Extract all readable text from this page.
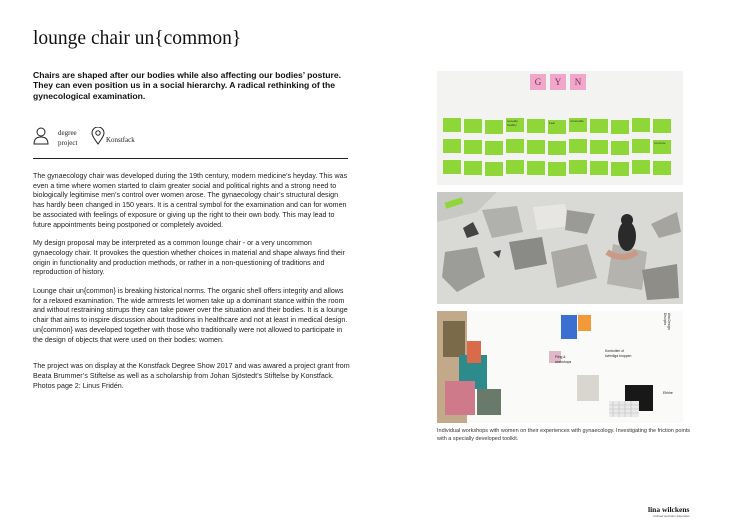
lounge chair un{common}
Chairs are shaped after our bodies while also affecting our bodies’ posture. They can even position us in a social hierarchy. A radical rethinking of the gynecological examination.
degree project	Konstfack

The gynaecology chair was developed during the 19th century, modern medicine’s heyday. This was even a time where women started to claim greater social and political rights and a strong need to biologically legitimise men’s control over women arose. The gynaecology chair’s structural design has hardly been changed in 150 years. It is a central symbol for the examination and can for women be associated with feelings of exposure or giving up the right to their own body. This may lead to future appointments being postponed or completely avoided.

My design proposal may be interpreted as a common lounge chair - or a very uncommon gynaecology chair. It provokes the question whether choices in material and shape always find their origin in functionality and production methods, or rather in a non-questioning of traditions and reproduction of history.

Lounge chair un{common} is breaking historical norms. The organic shell offers integrity and allows for a relaxed examination. The wide armrests let women take up a dominant stance within the room and without restraining stirrups they can take power over the situation and their bodies. It is a lounge chair that aims to inspire discussion about traditions in healthcare and not at least in medical design. un{common} was developed together with those who traditionally were not allowed to participate in the design of objects that were used on their bodies: women.

The project was on display at the Konstfack Degree Show 2017 and was awared a project grant from Beata Brummer’s Stiftelse as well as a scholarship from Johan Sjöstedt’s Stiftelse by Konstfack. Photos page 2: Linus Fridén.

G	Y	N
sexually healthy	Fear	vulnerable
concrete
Aha Design Disciplin
Fling & workshops
Kontrollen of kvinnliga kroppen
Ehhhe
Individual workshops with women on their experiences with gynaecology. Investigating the friction points with a specially developed toolkit.
lina wilckens
michael wechsler stipendiet
